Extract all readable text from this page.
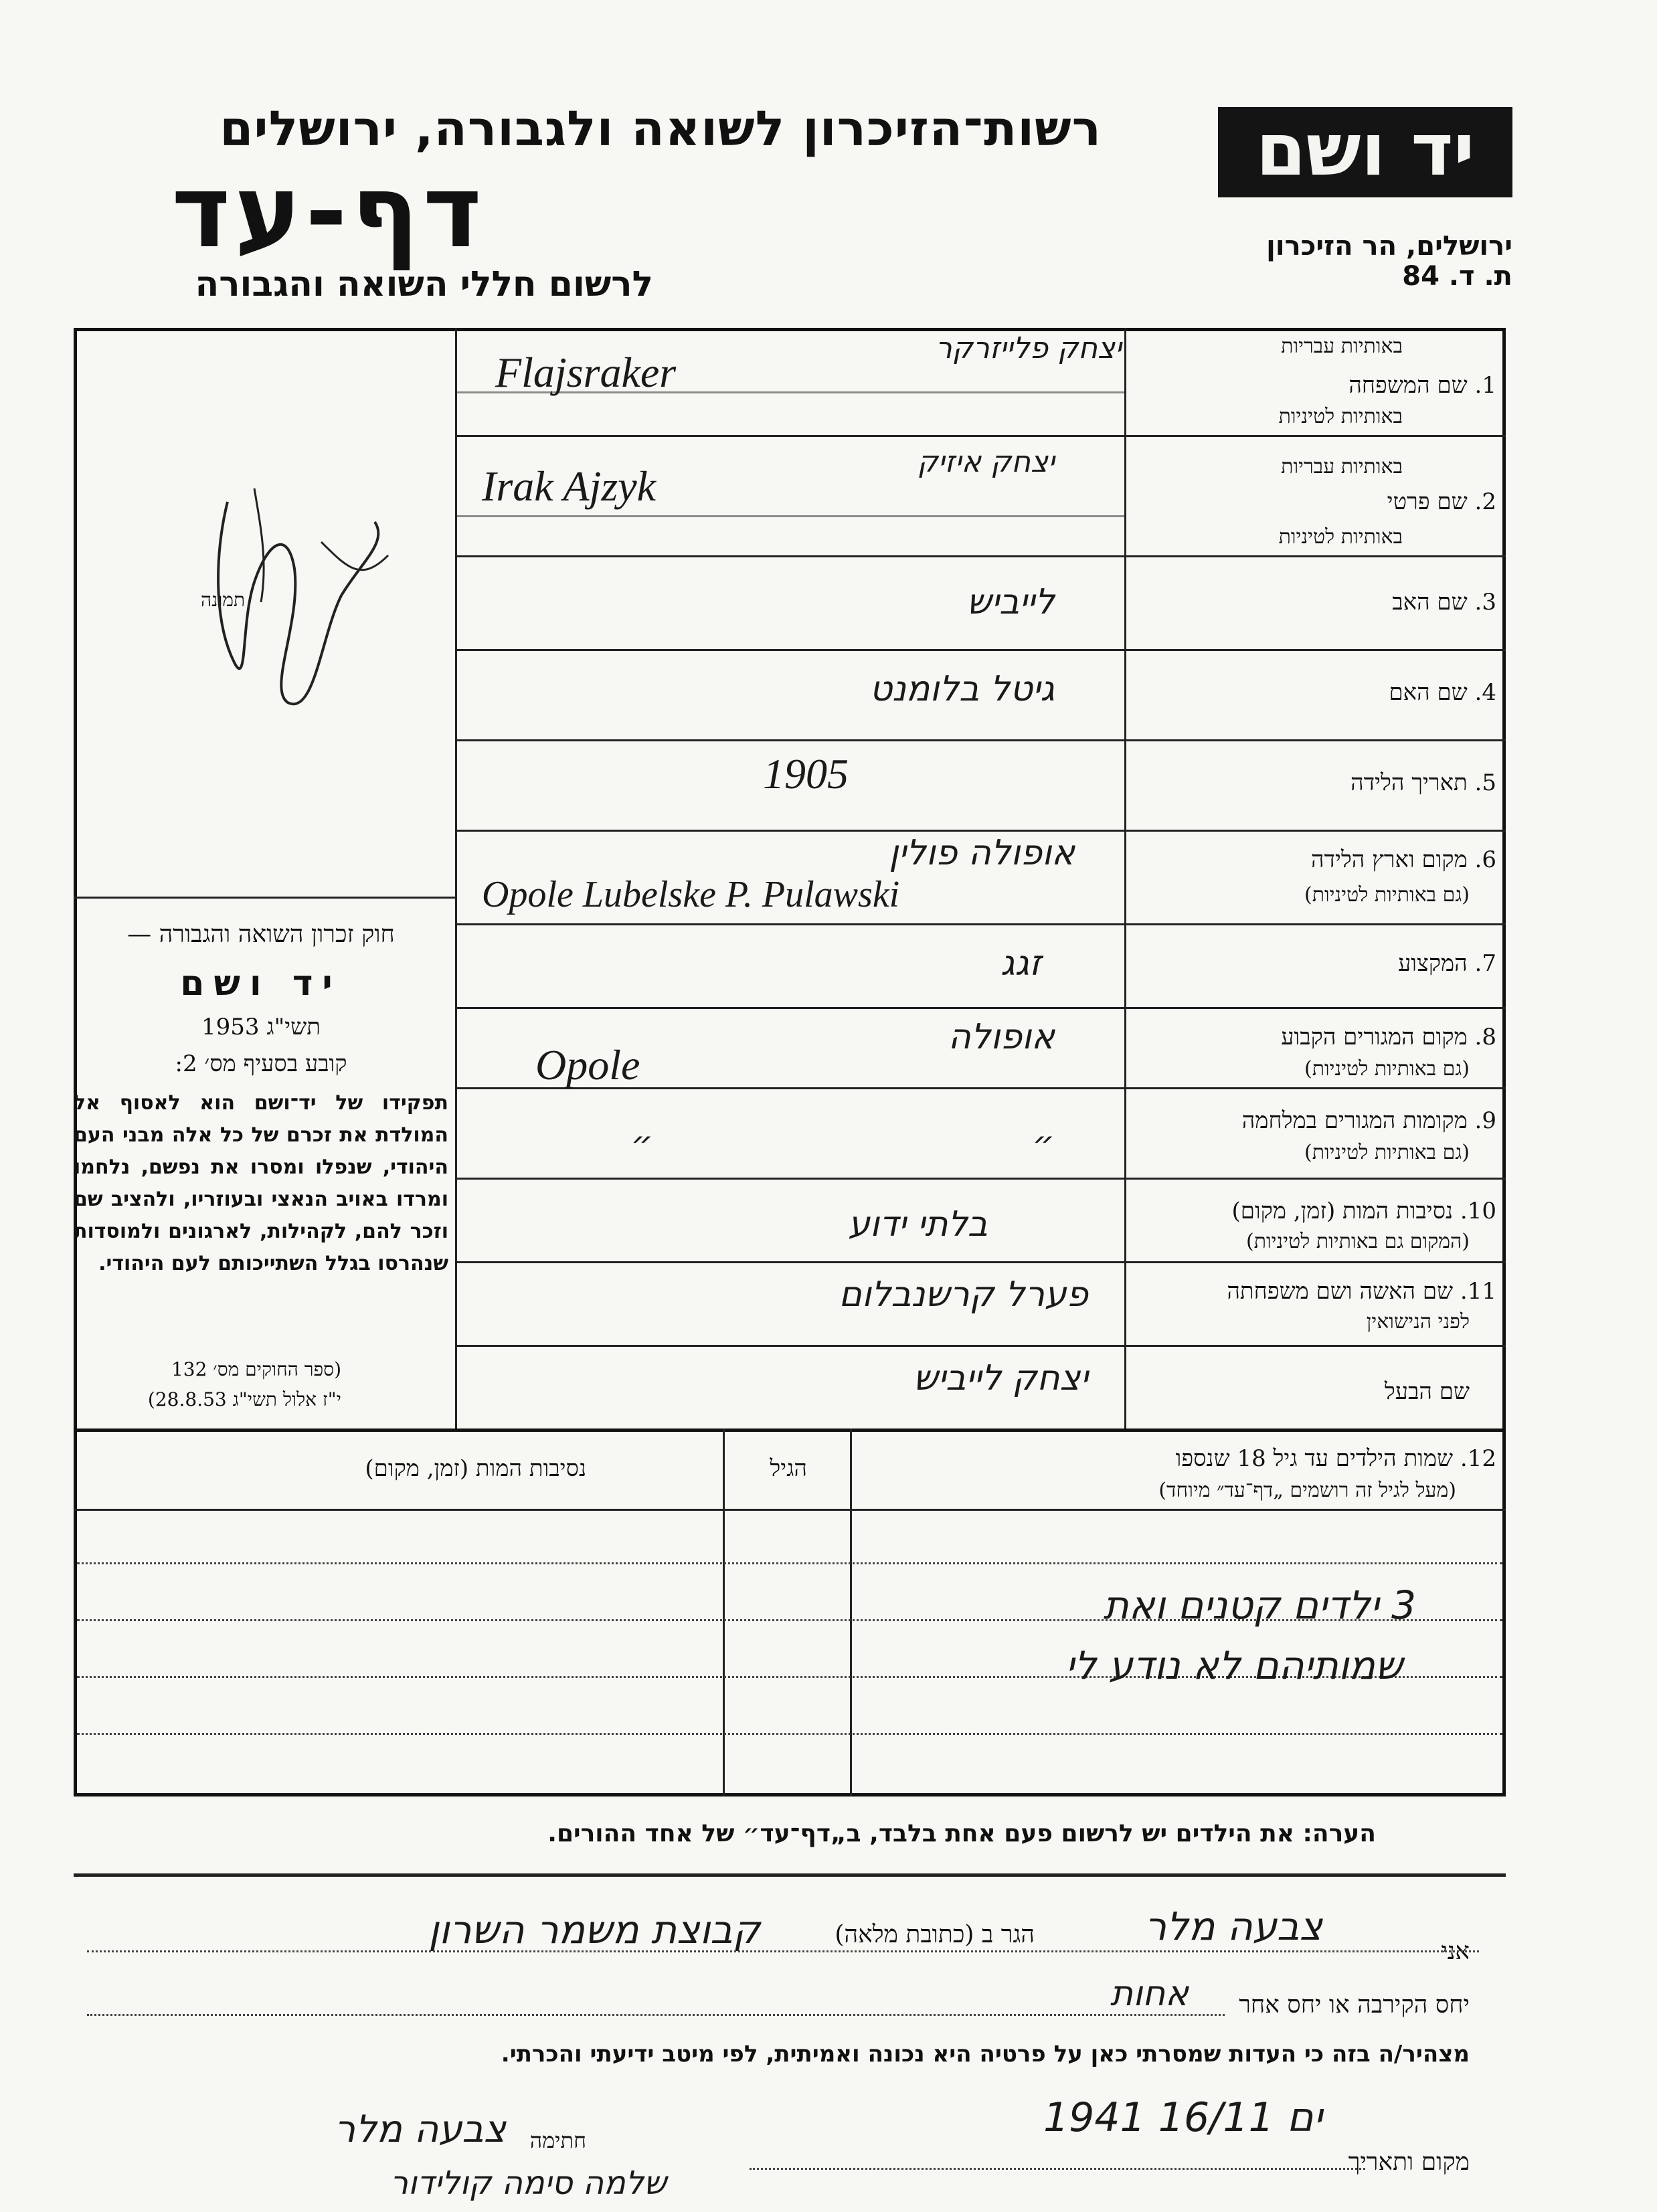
יד ושם
רשות־הזיכרון לשואה ולגבורה, ירושלים
דף-עד
לרשום חללי השואה והגבורה
ירושלים, הר הזיכרון
ת. ד. 84
תמונה
באותיות עבריות
1. שם המשפחה
באותיות לטיניות
באותיות עבריות
2. שם פרטי
באותיות לטיניות
3. שם האב
4. שם האם
5. תאריך הלידה
6. מקום וארץ הלידה
(גם באותיות לטיניות)
7. המקצוע
8. מקום המגורים הקבוע
(גם באותיות לטיניות)
9. מקומות המגורים במלחמה
(גם באותיות לטיניות)
10. נסיבות המות (זמן, מקום)
(המקום גם באותיות לטיניות)
11. שם האשה ושם משפחתה
לפני הנישואין
שם הבעל
יצחק פלייזרקר
Flajsraker
יצחק איזיק
Irak Ajzyk
לייביש
גיטל בלומנט
1905
אופולה פולין
Opole Lubelske P. Pulawski
זגג
אופולה
Opole
״
״
בלתי ידוע
פערל קרשנבלום
יצחק לייביש
חוק זכרון השואה והגבורה —
יד ושם
תשי"ג 1953
קובע בסעיף מס׳ 2:
תפקידו של יד־ושם הוא לאסוף אל המולדת את זכרם של כל אלה מבני העם היהודי, שנפלו ומסרו את נפשם, נלחמו ומרדו באויב הנאצי ובעוזריו, ולהציב שם וזכר להם, לקהילות, לארגונים ולמוסדות שנהרסו בגלל השתייכותם לעם היהודי.
(ספר החוקים מס׳ 132
י"ז אלול תשי"ג 28.8.53)
12. שמות הילדים עד גיל 18 שנספו
(מעל לגיל זה רושמים „דף־עד״ מיוחד)
הגיל
נסיבות המות (זמן, מקום)
3 ילדים קטנים ואת
שמותיהם לא נודע לי
הערה: את הילדים יש לרשום פעם אחת בלבד, ב„דף־עד״ של אחד ההורים.
אני
צבעה מלר
הגר ב (כתובת מלאה)
קבוצת משמר השרון
יחס הקירבה או יחס אחר
אחות
מצהיר/ה בזה כי העדות שמסרתי כאן על פרטיה היא נכונה ואמיתית, לפי מיטב ידיעתי והכרתי.
מקום ותאריך
ים 16/11 1941
חתימה
צבעה מלר
שלמה סימה קולידור
